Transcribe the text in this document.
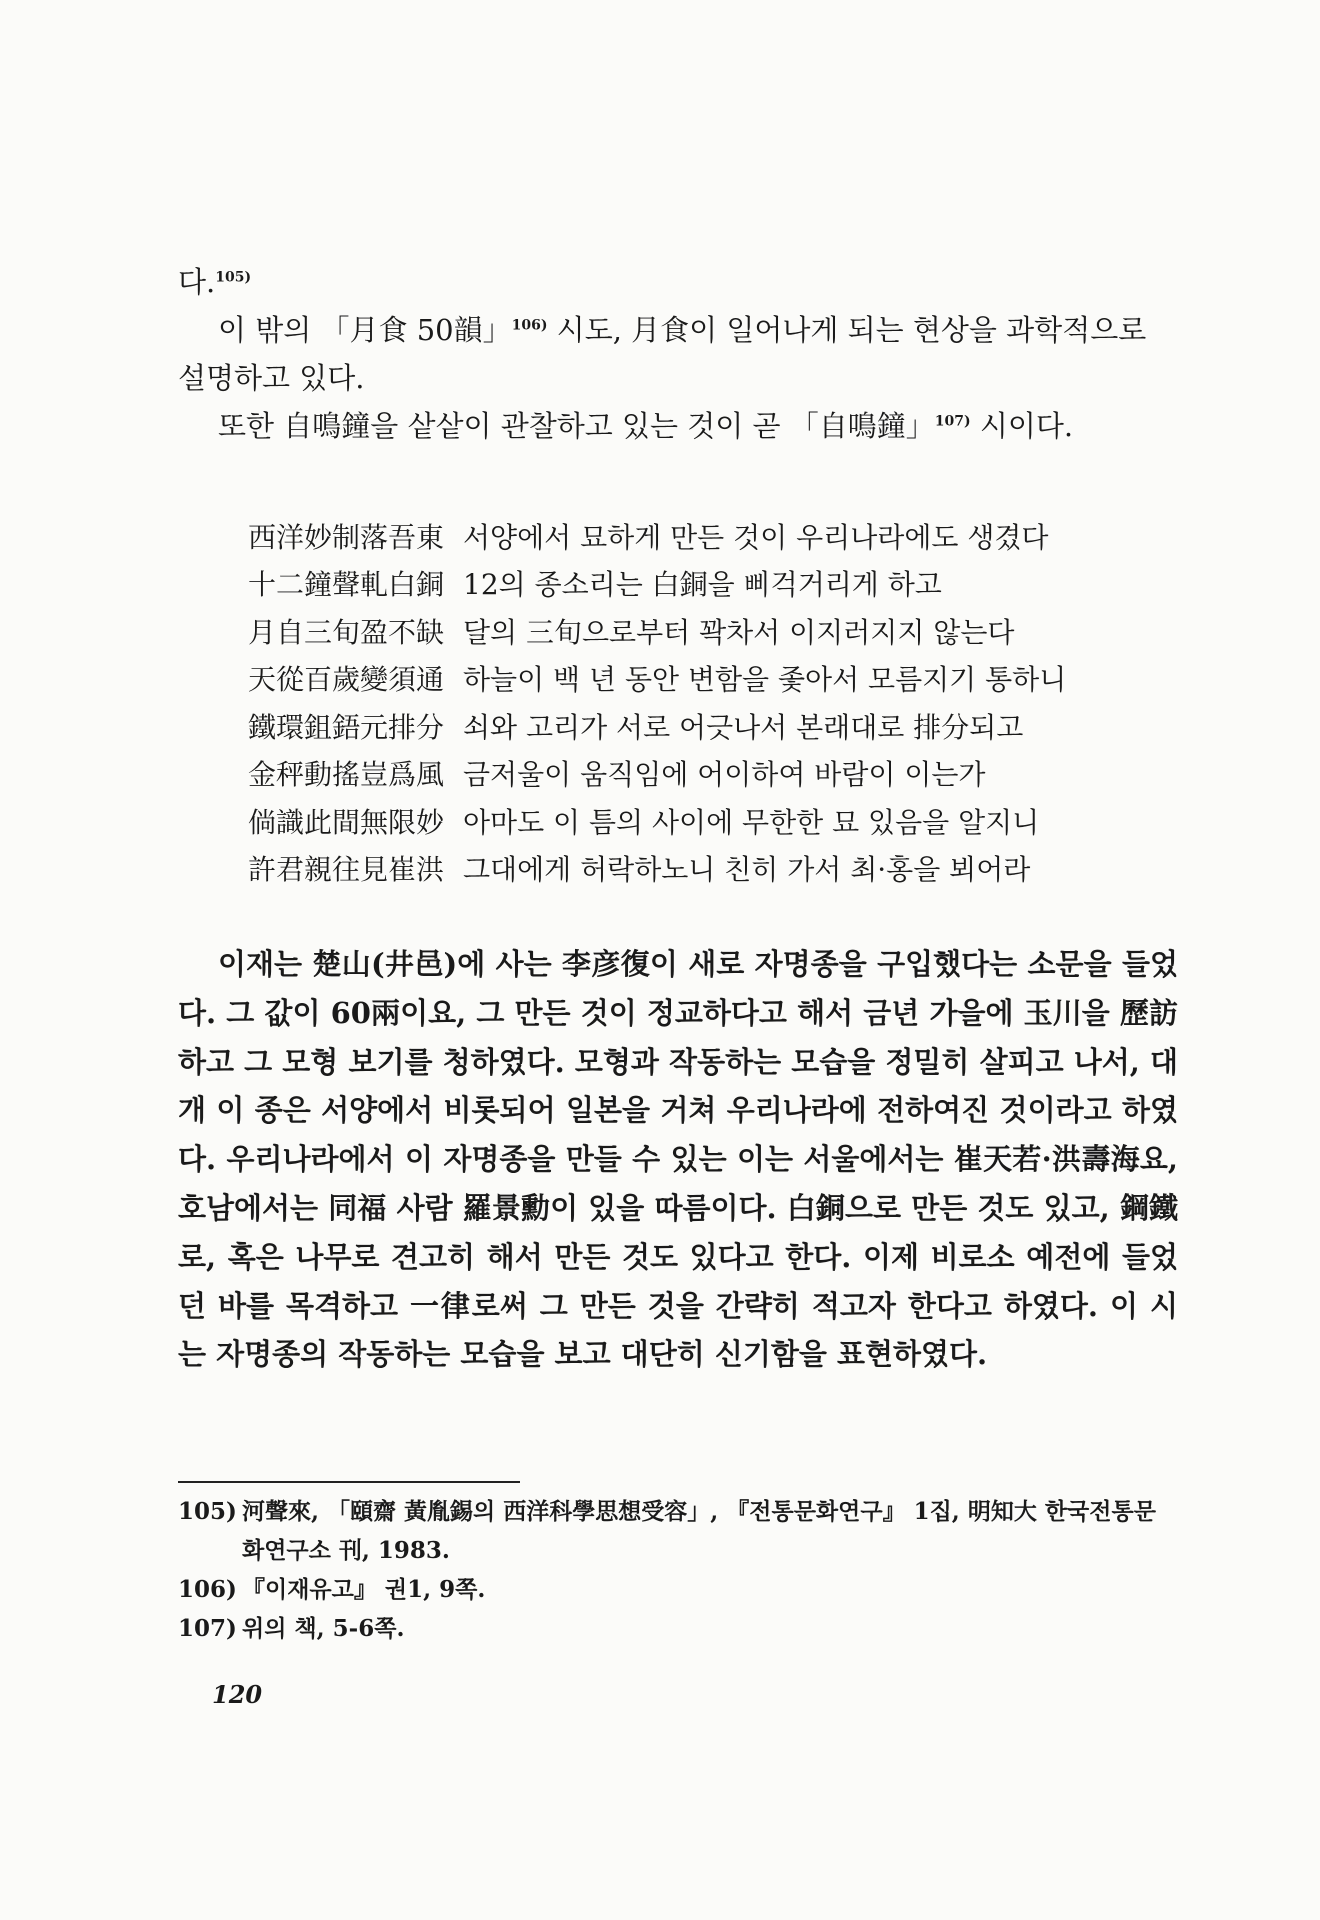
다.$^{105)}$

이 밖의 「月食 50韻」$^{106)}$ 시도, 月食이 일어나게 되는 현상을 과학적으로 설명하고 있다.

또한 自鳴鐘을 샅샅이 관찰하고 있는 것이 곧 「自鳴鐘」$^{107)}$ 시이다.

西洋妙制落吾東 서양에서 묘하게 만든 것이 우리나라에도 생겼다
十二鐘聲軋白銅 12의 종소리는 白銅을 삐걱거리게 하고
月自三旬盈不缺 달의 三旬으로부터 꽉차서 이지러지지 않는다
天從百歲變須通 하늘이 백 년 동안 변함을 좇아서 모름지기 통하니
鐵環鉏鋙元排分 쇠와 고리가 서로 어긋나서 본래대로 排分되고
金秤動搖豈爲風 금저울이 움직임에 어이하여 바람이 이는가
倘識此間無限妙 아마도 이 틈의 사이에 무한한 묘 있음을 알지니
許君親往見崔洪 그대에게 허락하노니 친히 가서 최·홍을 뵈어라

이재는 楚山(井邑)에 사는 李彦復이 새로 자명종을 구입했다는 소문을 들었다. 그 값이 60兩이요, 그 만든 것이 정교하다고 해서 금년 가을에 玉川을 歷訪하고 그 모형 보기를 청하였다. 모형과 작동하는 모습을 정밀히 살피고 나서, 대개 이 종은 서양에서 비롯되어 일본을 거쳐 우리나라에 전하여진 것이라고 하였다. 우리나라에서 이 자명종을 만들 수 있는 이는 서울에서는 崔天若·洪壽海요, 호남에서는 同福 사람 羅景勳이 있을 따름이다. 白銅으로 만든 것도 있고, 鋼鐵로, 혹은 나무로 견고히 해서 만든 것도 있다고 한다. 이제 비로소 예전에 들었던 바를 목격하고 一律로써 그 만든 것을 간략히 적고자 한다고 하였다. 이 시는 자명종의 작동하는 모습을 보고 대단히 신기함을 표현하였다.

105) 河聲來, 「頤齋 黃胤錫의 西洋科學思想受容」, 『전통문화연구』 1집, 明知大 한국전통문화연구소 刊, 1983.
106) 『이재유고』 권1, 9쪽.
107) 위의 책, 5-6쪽.
120
